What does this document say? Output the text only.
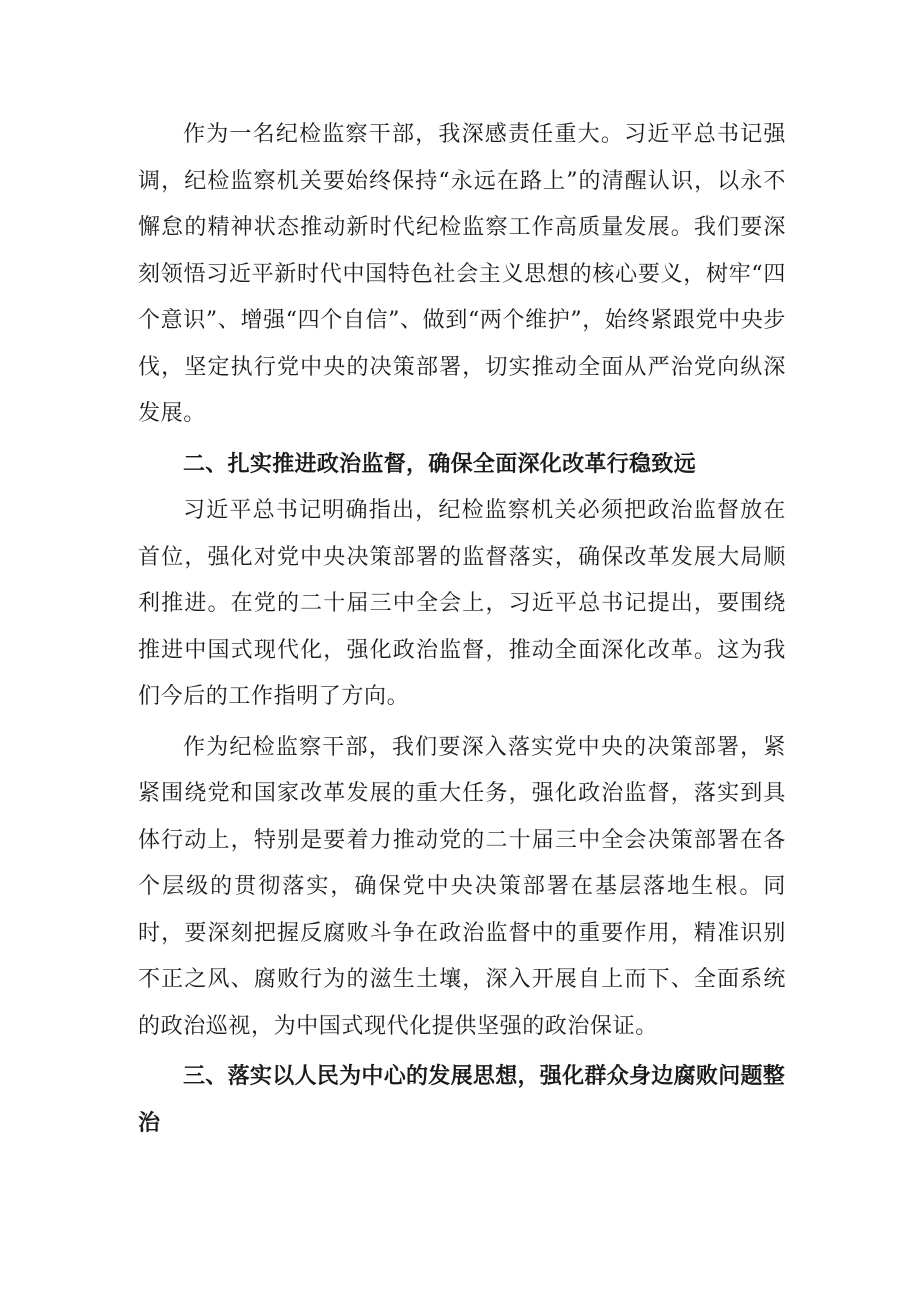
作为一名纪检监察干部，我深感责任重大。习近平总书记强调，纪检监察机关要始终保持“永远在路上”的清醒认识，以永不懈怠的精神状态推动新时代纪检监察工作高质量发展。我们要深刻领悟习近平新时代中国特色社会主义思想的核心要义，树牢“四个意识”、增强“四个自信”、做到“两个维护”，始终紧跟党中央步伐，坚定执行党中央的决策部署，切实推动全面从严治党向纵深发展。

二、扎实推进政治监督，确保全面深化改革行稳致远

习近平总书记明确指出，纪检监察机关必须把政治监督放在首位，强化对党中央决策部署的监督落实，确保改革发展大局顺利推进。在党的二十届三中全会上，习近平总书记提出，要围绕推进中国式现代化，强化政治监督，推动全面深化改革。这为我们今后的工作指明了方向。

作为纪检监察干部，我们要深入落实党中央的决策部署，紧紧围绕党和国家改革发展的重大任务，强化政治监督，落实到具体行动上，特别是要着力推动党的二十届三中全会决策部署在各个层级的贯彻落实，确保党中央决策部署在基层落地生根。同时，要深刻把握反腐败斗争在政治监督中的重要作用，精准识别不正之风、腐败行为的滋生土壤，深入开展自上而下、全面系统的政治巡视，为中国式现代化提供坚强的政治保证。

三、落实以人民为中心的发展思想，强化群众身边腐败问题整治
